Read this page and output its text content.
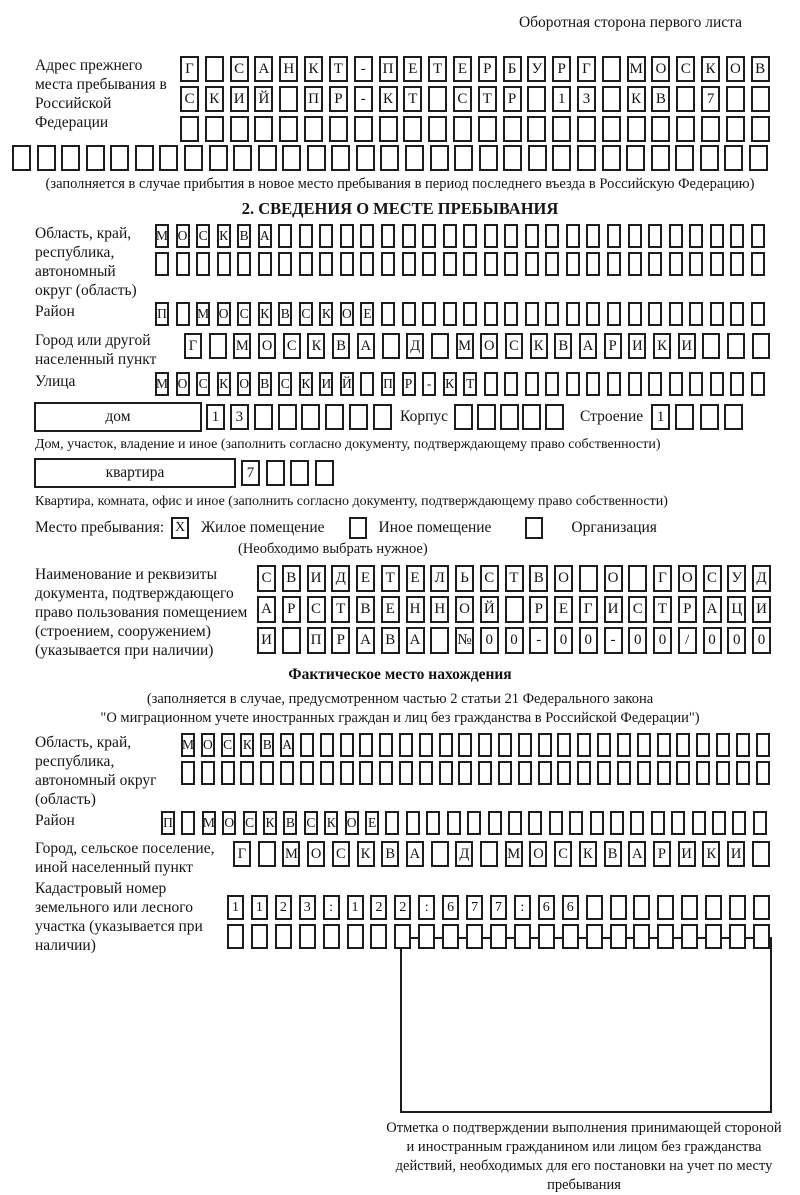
Оборотная сторона первого листа
Адрес прежнего места пребывания в Российской Федерации
Г	С А Н К	Т	-	П Е	Т	Е	Р	Б	У	Р	Г	М О С К О В
С К И Й	П	Р	-	К	Т	С	Т	Р	1	3	К В	7
(заполняется в случае прибытия в новое место пребывания в период последнего въезда в Российскую Федерацию)
2. СВЕДЕНИЯ О МЕСТЕ ПРЕБЫВАНИЯ
Область, край, республика, автономный округ (область)
М О С К В А
Район	П М О С К В С К О Е
Город или другой населенный пункт
Г	М О С К В А	Д	М О С К В А	Р	И К И
Улица	М О С К О В С К И Й П Р	-	К Т
дом	1	3	Корпус	Строение 1
Дом, участок, владение и иное (заполнить согласно документу, подтверждающему право собственности)
квартира	7
Квартира, комната, офис и иное (заполнить согласно документу, подтверждающему право собственности)
Место пребывания: X Жилое помещение	Иное помещение	Организация
(Необходимо выбрать нужное)
Наименование и реквизиты документа, подтверждающего право пользования помещением (строением, сооружением) (указывается при наличии)
С В И Д	Е	Т	Е	Л	Ь	С	Т	В О	О	Г	О С У Д
А	Р	С	Т	В	Е Н Н О Й	Р	Е	Г	И С	Т	Р	А Ц И
И	П	Р	А В А № 0	0	-	0	0	-	0	0	/	0	0	0
Фактическое место нахождения
(заполняется в случае, предусмотренном частью 2 статьи 21 Федерального закона
"О миграционном учете иностранных граждан и лиц без гражданства в Российской Федерации")
Область, край, республика, автономный округ (область)
М О С К В А
Район	П М О С К В С К О Е
Город, сельское поселение, иной населенный пункт
Г	М О С К В А	Д	М О С К В А	Р	И К И
Кадастровый номер земельного или лесного участка (указывается при наличии)
1	1	2	3	:	1	2	2	:	6	7	7	:	6	6
Отметка о подтверждении выполнения принимающей стороной и иностранным гражданином или лицом без гражданства действий, необходимых для его постановки на учет по месту пребывания
